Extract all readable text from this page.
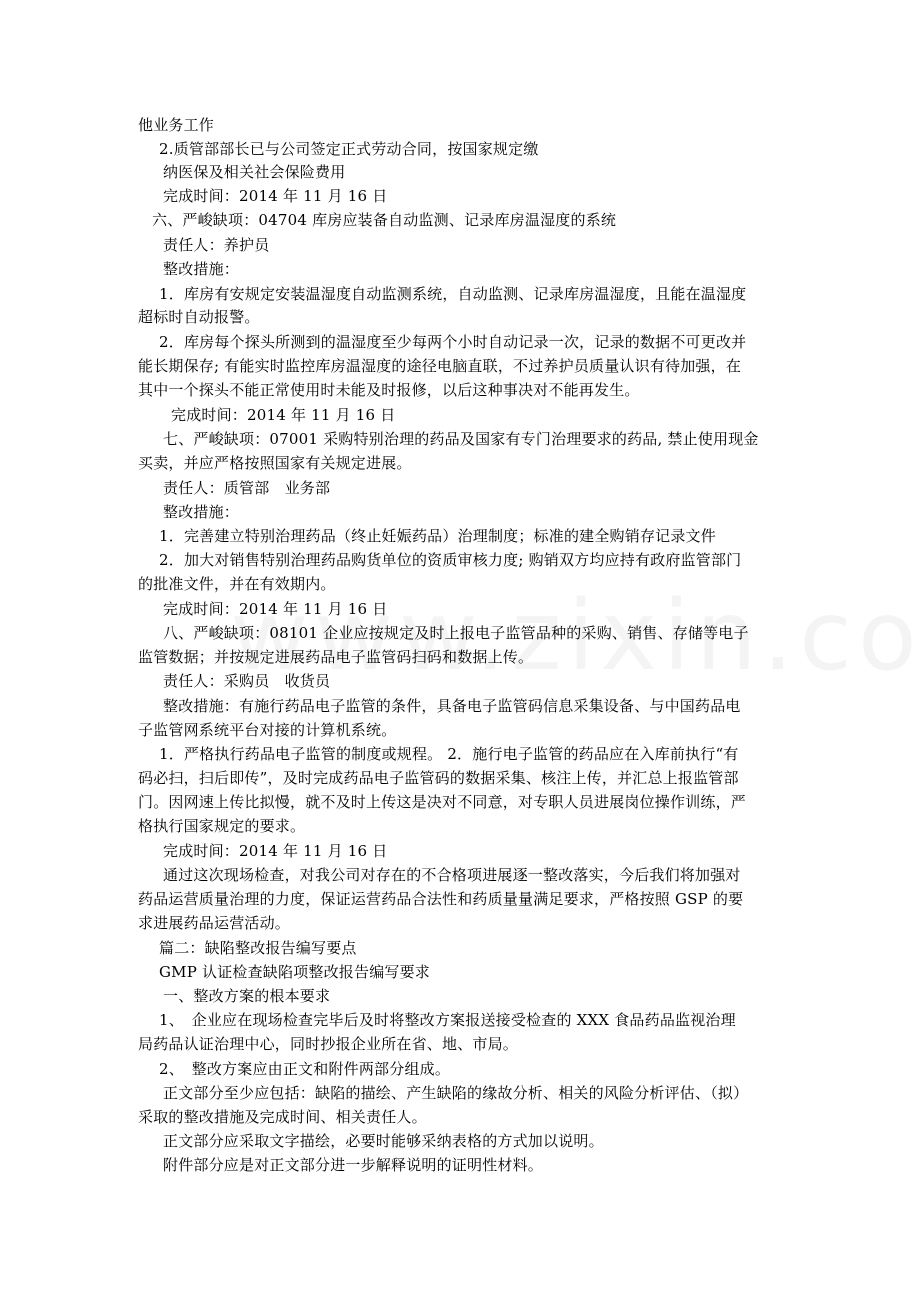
他业务工作
2.质管部部长已与公司签定正式劳动合同，按国家规定缴
纳医保及相关社会保险费用
完成时间：2014 年 11 月 16 日
六、严峻缺项：04704 库房应装备自动监测、记录库房温湿度的系统
责任人：养护员
整改措施：
1．库房有安规定安装温湿度自动监测系统，自动监测、记录库房温湿度，且能在温湿度
超标时自动报警。
2．库房每个探头所测到的温湿度至少每两个小时自动记录一次，记录的数据不可更改并
能长期保存; 有能实时监控库房温湿度的途径电脑直联，不过养护员质量认识有待加强，在
其中一个探头不能正常使用时未能及时报修，以后这种事决对不能再发生。
完成时间：2014 年 11 月 16 日
七、严峻缺项：07001 采购特别治理的药品及国家有专门治理要求的药品, 禁止使用现金
买卖，并应严格按照国家有关规定进展。
责任人：质管部　业务部
整改措施：
1．完善建立特别治理药品（终止妊娠药品）治理制度；标准的建全购销存记录文件
2．加大对销售特别治理药品购货单位的资质审核力度; 购销双方均应持有政府监管部门
的批准文件，并在有效期内。
完成时间：2014 年 11 月 16 日
八、严峻缺项：08101 企业应按规定及时上报电子监管品种的采购、销售、存储等电子
监管数据；并按规定进展药品电子监管码扫码和数据上传。
责任人：采购员　收货员
整改措施：有施行药品电子监管的条件，具备电子监管码信息采集设备、与中国药品电
子监管网系统平台对接的计算机系统。
1．严格执行药品电子监管的制度或规程。 2．施行电子监管的药品应在入库前执行“有
码必扫，扫后即传”，及时完成药品电子监管码的数据采集、核注上传，并汇总上报监管部
门。因网速上传比拟慢，就不及时上传这是决对不同意，对专职人员进展岗位操作训练，严
格执行国家规定的要求。
完成时间：2014 年 11 月 16 日
通过这次现场检查，对我公司对存在的不合格项进展逐一整改落实，今后我们将加强对
药品运营质量治理的力度，保证运营药品合法性和药质量量满足要求，严格按照 GSP 的要
求进展药品运营活动。
篇二：缺陷整改报告编写要点
GMP 认证检查缺陷项整改报告编写要求
一、整改方案的根本要求
1、　企业应在现场检查完毕后及时将整改方案报送接受检查的 XXX 食品药品监视治理
局药品认证治理中心，同时抄报企业所在省、地、市局。
2、　整改方案应由正文和附件两部分组成。
正文部分至少应包括：缺陷的描绘、产生缺陷的缘故分析、相关的风险分析评估、（拟）
采取的整改措施及完成时间、相关责任人。
正文部分应采取文字描绘，必要时能够采纳表格的方式加以说明。
附件部分应是对正文部分进一步解释说明的证明性材料。
